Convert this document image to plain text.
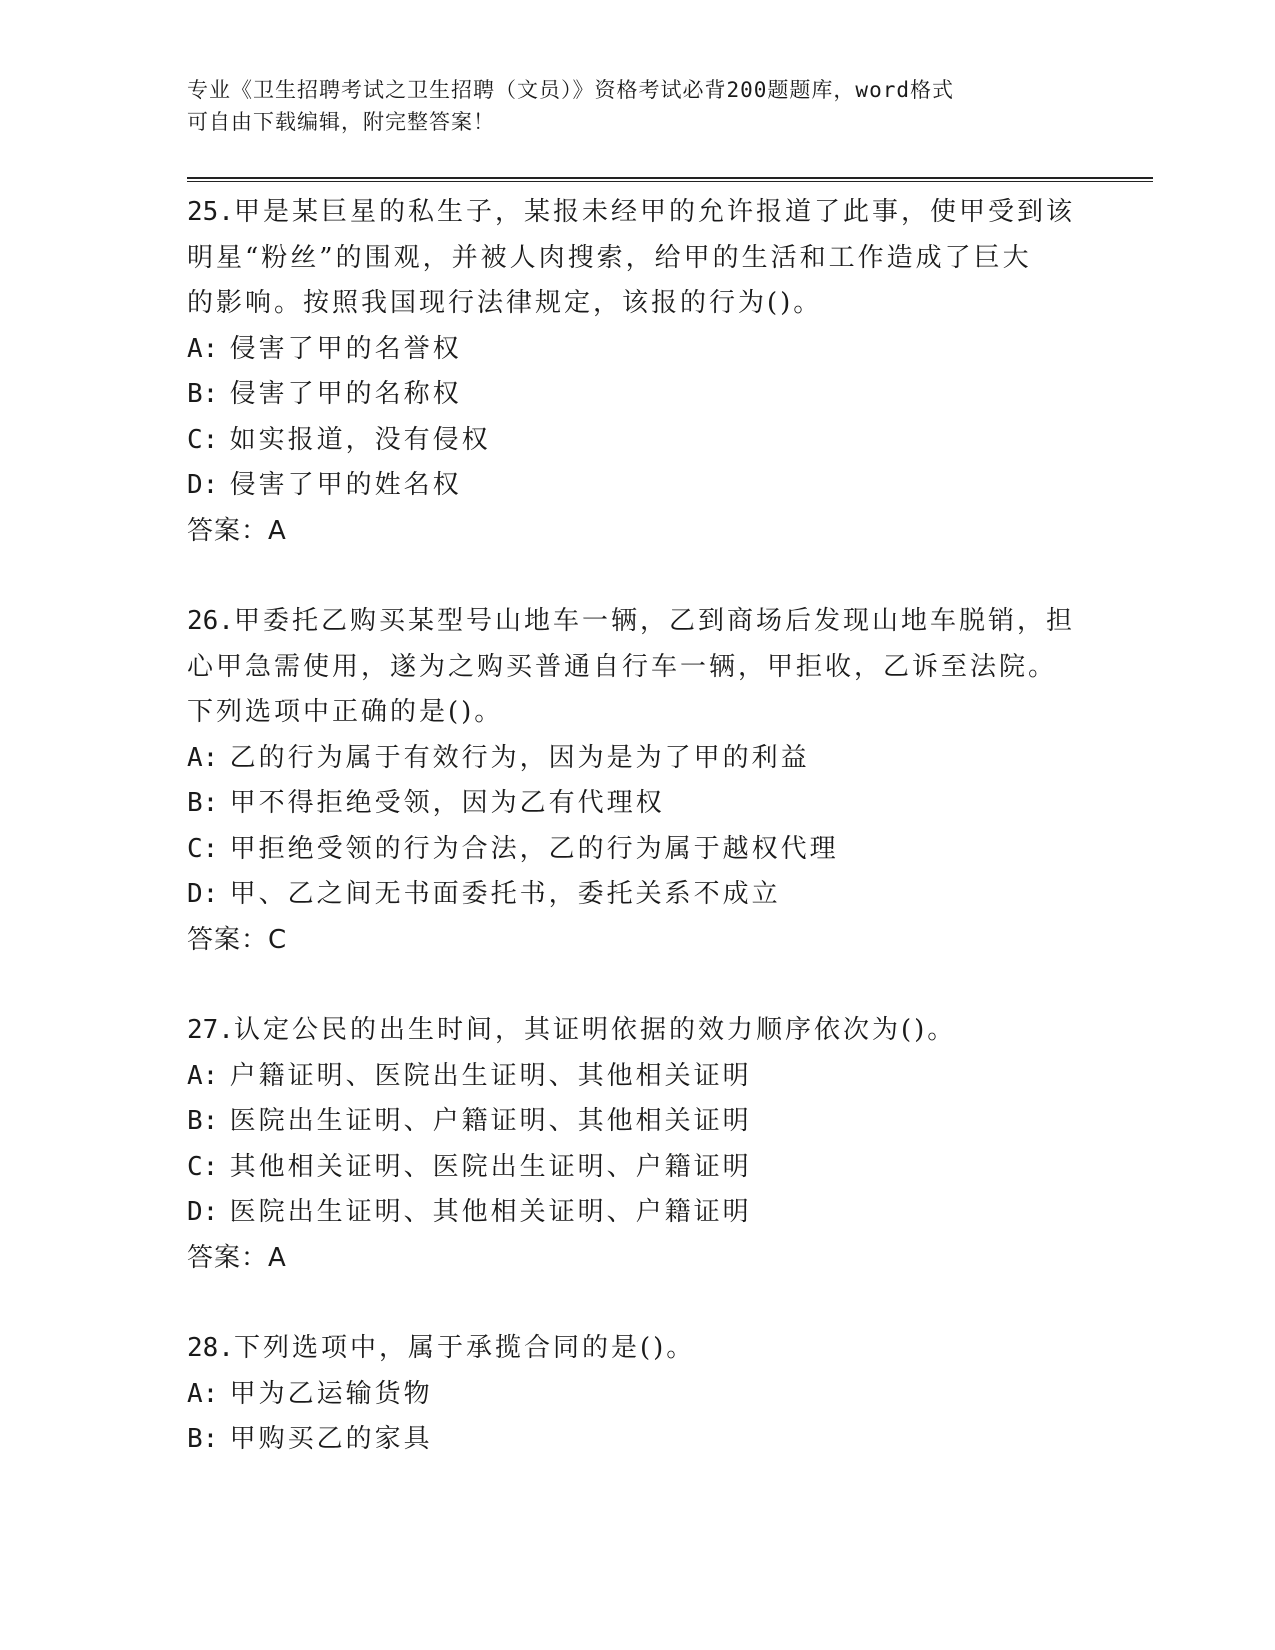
专业《卫生招聘考试之卫生招聘（文员）》资格考试必背200题题库，word格式
可自由下载编辑，附完整答案！
25.甲是某巨星的私生子，某报未经甲的允许报道了此事，使甲受到该
明星“粉丝”的围观，并被人肉搜索，给甲的生活和工作造成了巨大
的影响。按照我国现行法律规定，该报的行为()。
A: 侵害了甲的名誉权
B: 侵害了甲的名称权
C: 如实报道，没有侵权
D: 侵害了甲的姓名权
答案：A
26.甲委托乙购买某型号山地车一辆，乙到商场后发现山地车脱销，担
心甲急需使用，遂为之购买普通自行车一辆，甲拒收，乙诉至法院。
下列选项中正确的是()。
A: 乙的行为属于有效行为，因为是为了甲的利益
B: 甲不得拒绝受领，因为乙有代理权
C: 甲拒绝受领的行为合法，乙的行为属于越权代理
D: 甲、乙之间无书面委托书，委托关系不成立
答案：C
27.认定公民的出生时间，其证明依据的效力顺序依次为()。
A: 户籍证明、医院出生证明、其他相关证明
B: 医院出生证明、户籍证明、其他相关证明
C: 其他相关证明、医院出生证明、户籍证明
D: 医院出生证明、其他相关证明、户籍证明
答案：A
28.下列选项中，属于承揽合同的是()。
A: 甲为乙运输货物
B: 甲购买乙的家具
